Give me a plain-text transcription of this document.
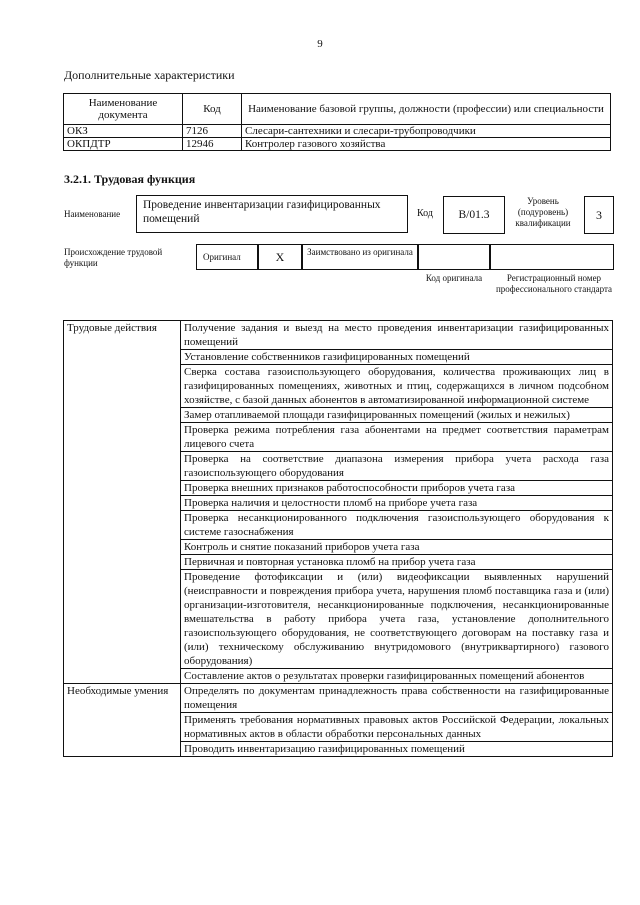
9
Дополнительные характеристики
Наименование документа	Код	Наименование базовой группы, должности (профессии) или специальности
ОКЗ	7126	Слесари-сантехники и слесари-трубопроводчики
ОКПДТР	12946	Контролер газового хозяйства
3.2.1. Трудовая функция
Наименование
Проведение инвентаризации газифицированных помещений	Код	B/01.3
Уровень (подуровень) квалификации
3
Происхождение трудовой функции
Оригинал	X	Заимствовано из оригинала
Код оригинала	Регистрационный номер профессионального стандарта
Трудовые действия	Получение задания и выезд на место проведения инвентаризации газифицированных помещений
	Установление собственников газифицированных помещений
	Сверка состава газоиспользующего оборудования, количества проживающих лиц в газифицированных помещениях, животных и птиц, содержащихся в личном подсобном хозяйстве, с базой данных абонентов в автоматизированной информационной системе
	Замер отапливаемой площади газифицированных помещений (жилых и нежилых)
	Проверка режима потребления газа абонентами на предмет соответствия параметрам лицевого счета
	Проверка на соответствие диапазона измерения прибора учета расхода газа газоиспользующего оборудования
	Проверка внешних признаков работоспособности приборов учета газа
	Проверка наличия и целостности пломб на приборе учета газа
	Проверка несанкционированного подключения газоиспользующего оборудования к системе газоснабжения
	Контроль и снятие показаний приборов учета газа
	Первичная и повторная установка пломб на прибор учета газа
	Проведение фотофиксации и (или) видеофиксации выявленных нарушений (неисправности и повреждения прибора учета, нарушения пломб поставщика газа и (или) организации-изготовителя, несанкционированные подключения, несанкционированные вмешательства в работу прибора учета газа, установление дополнительного газоиспользующего оборудования, не соответствующего договорам на поставку газа и (или) техническому обслуживанию внутридомового (внутриквартирного) газового оборудования)
	Составление актов о результатах проверки газифицированных помещений абонентов
Необходимые умения	Определять по документам принадлежность права собственности на газифицированные помещения
	Применять требования нормативных правовых актов Российской Федерации, локальных нормативных актов в области обработки персональных данных
	Проводить инвентаризацию газифицированных помещений
